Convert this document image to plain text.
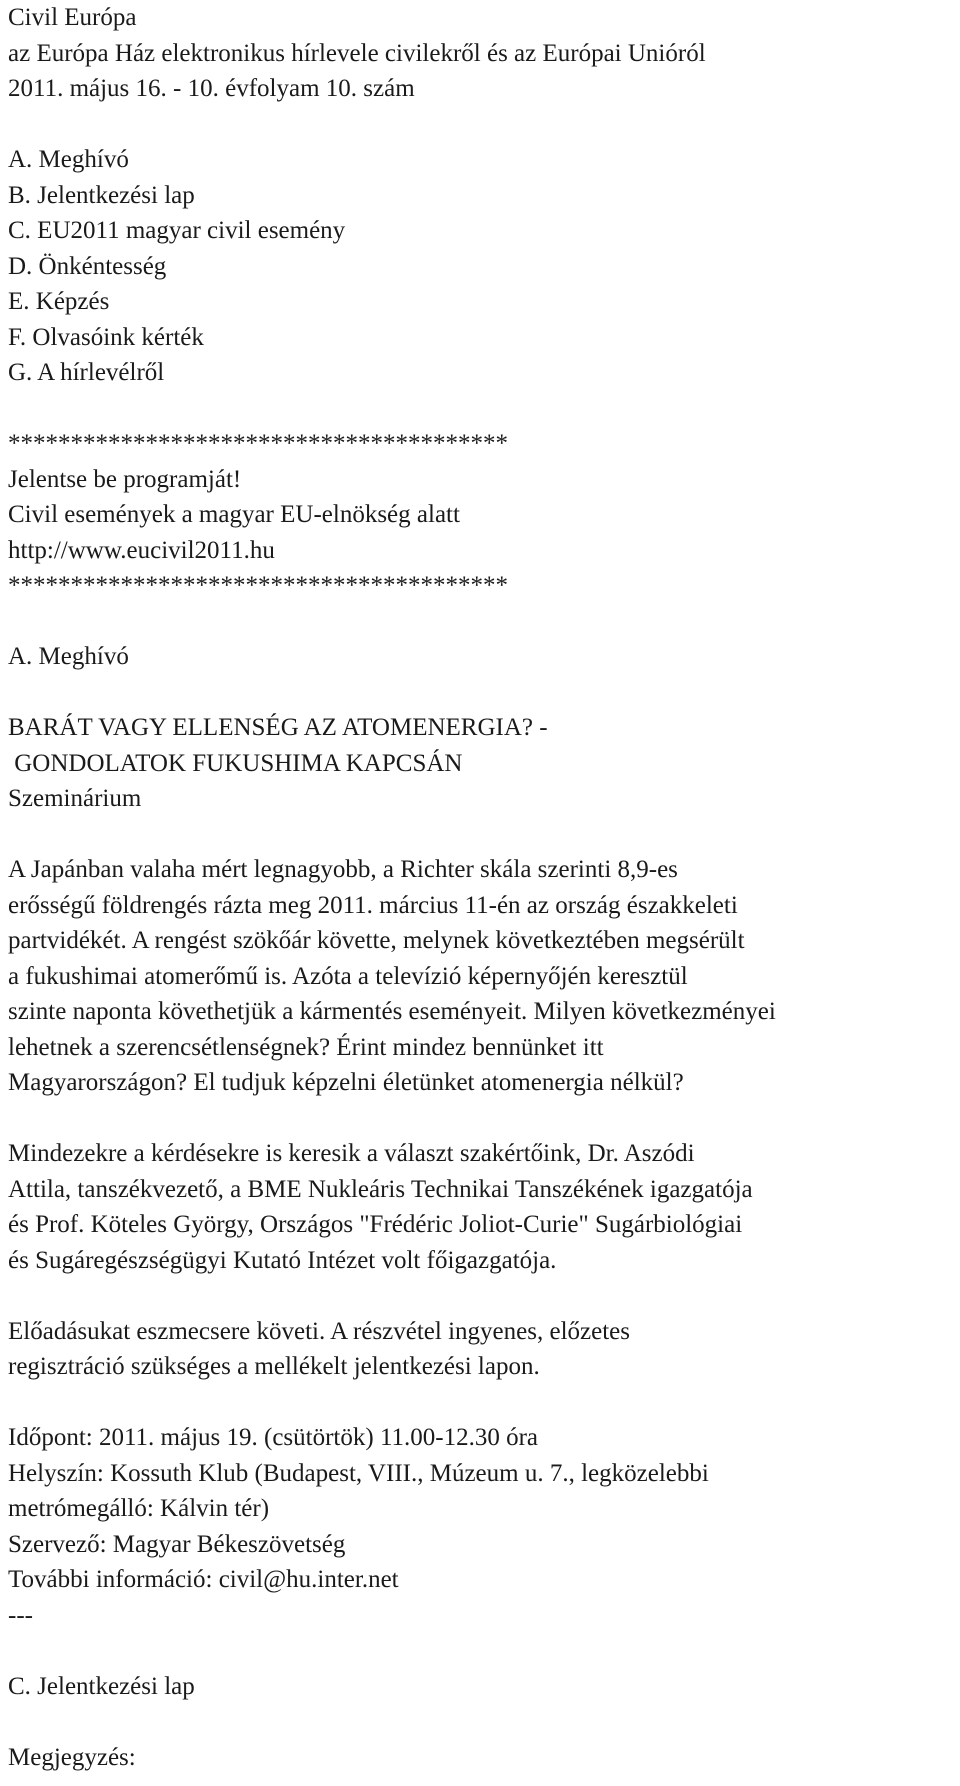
Civil Európa
az Európa Ház elektronikus hírlevele civilekről és az Európai Unióról
2011. május 16. - 10. évfolyam 10. szám
A. Meghívó
B. Jelentkezési lap
C. EU2011 magyar civil esemény
D. Önkéntesség
E. Képzés
F. Olvasóink kérték
G. A hírlevélről
****************************************
Jelentse be programját!
Civil események a magyar EU-elnökség alatt
http://www.eucivil2011.hu
****************************************
A. Meghívó
BARÁT VAGY ELLENSÉG AZ ATOMENERGIA? -
GONDOLATOK FUKUSHIMA KAPCSÁN
Szeminárium
A Japánban valaha mért legnagyobb, a Richter skála szerinti 8,9-es
erősségű földrengés rázta meg 2011. március 11-én az ország északkeleti
partvidékét. A rengést szökőár követte, melynek következtében megsérült
a fukushimai atomerőmű is. Azóta a televízió képernyőjén keresztül
szinte naponta követhetjük a kármentés eseményeit. Milyen következményei
lehetnek a szerencsétlenségnek? Érint mindez bennünket itt
Magyarországon? El tudjuk képzelni életünket atomenergia nélkül?
Mindezekre a kérdésekre is keresik a választ szakértőink, Dr. Aszódi
Attila, tanszékvezető, a BME Nukleáris Technikai Tanszékének igazgatója
és Prof. Köteles György, Országos "Frédéric Joliot-Curie" Sugárbiológiai
és Sugáregészségügyi Kutató Intézet volt főigazgatója.
Előadásukat eszmecsere követi. A részvétel ingyenes, előzetes
regisztráció szükséges a mellékelt jelentkezési lapon.
Időpont: 2011. május 19. (csütörtök) 11.00-12.30 óra
Helyszín: Kossuth Klub (Budapest, VIII., Múzeum u. 7., legközelebbi
metrómegálló: Kálvin tér)
Szervező: Magyar Békeszövetség
További információ: civil@hu.inter.net
---
C. Jelentkezési lap
Megjegyzés:
